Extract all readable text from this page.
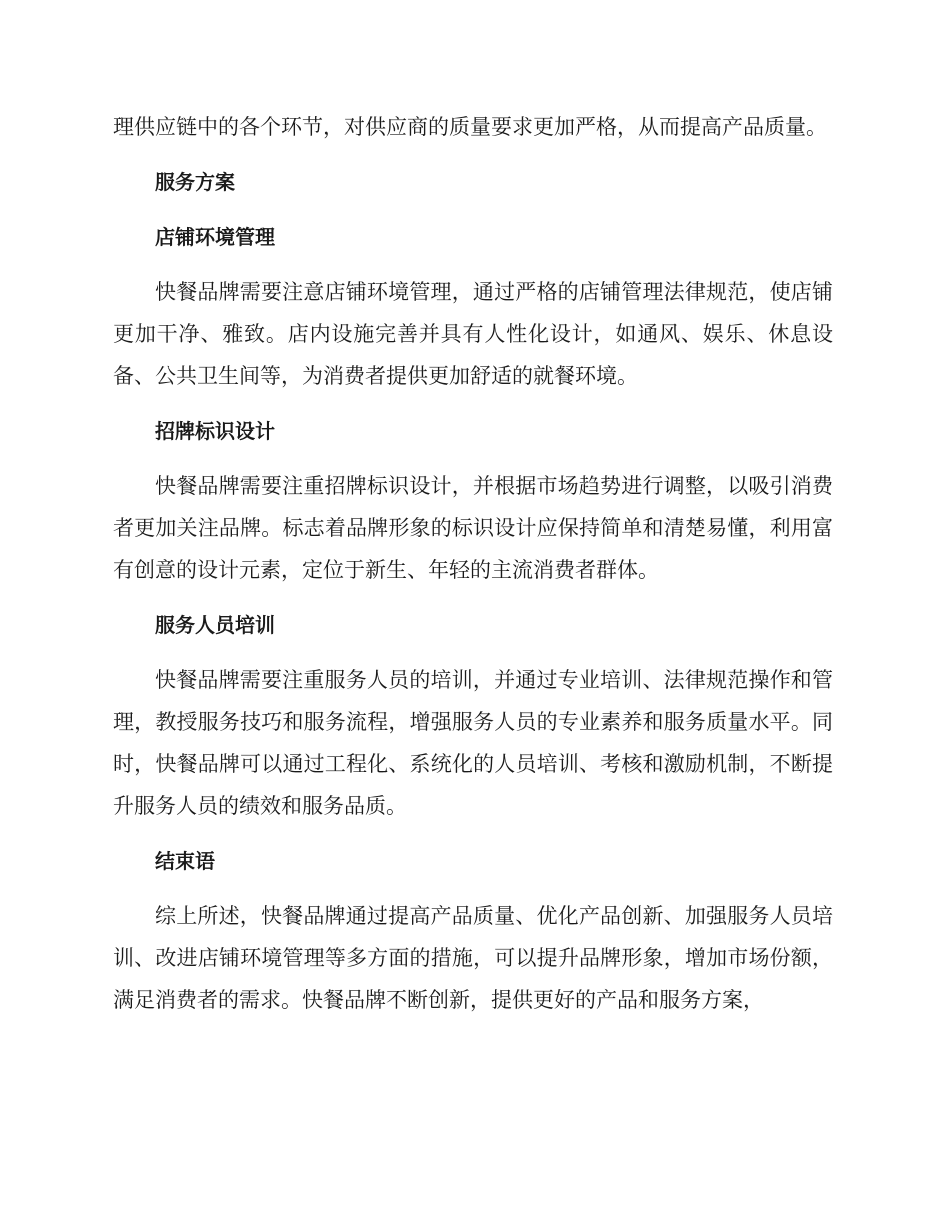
理供应链中的各个环节，对供应商的质量要求更加严格，从而提高产品质量。

服务方案
店铺环境管理

快餐品牌需要注意店铺环境管理，通过严格的店铺管理法律规范，使店铺更加干净、雅致。店内设施完善并具有人性化设计，如通风、娱乐、休息设备、公共卫生间等，为消费者提供更加舒适的就餐环境。

招牌标识设计

快餐品牌需要注重招牌标识设计，并根据市场趋势进行调整，以吸引消费者更加关注品牌。标志着品牌形象的标识设计应保持简单和清楚易懂，利用富有创意的设计元素，定位于新生、年轻的主流消费者群体。

服务人员培训

快餐品牌需要注重服务人员的培训，并通过专业培训、法律规范操作和管理，教授服务技巧和服务流程，增强服务人员的专业素养和服务质量水平。同时，快餐品牌可以通过工程化、系统化的人员培训、考核和激励机制，不断提升服务人员的绩效和服务品质。

结束语

综上所述，快餐品牌通过提高产品质量、优化产品创新、加强服务人员培训、改进店铺环境管理等多方面的措施，可以提升品牌形象，增加市场份额，满足消费者的需求。快餐品牌不断创新，提供更好的产品和服务方案，
